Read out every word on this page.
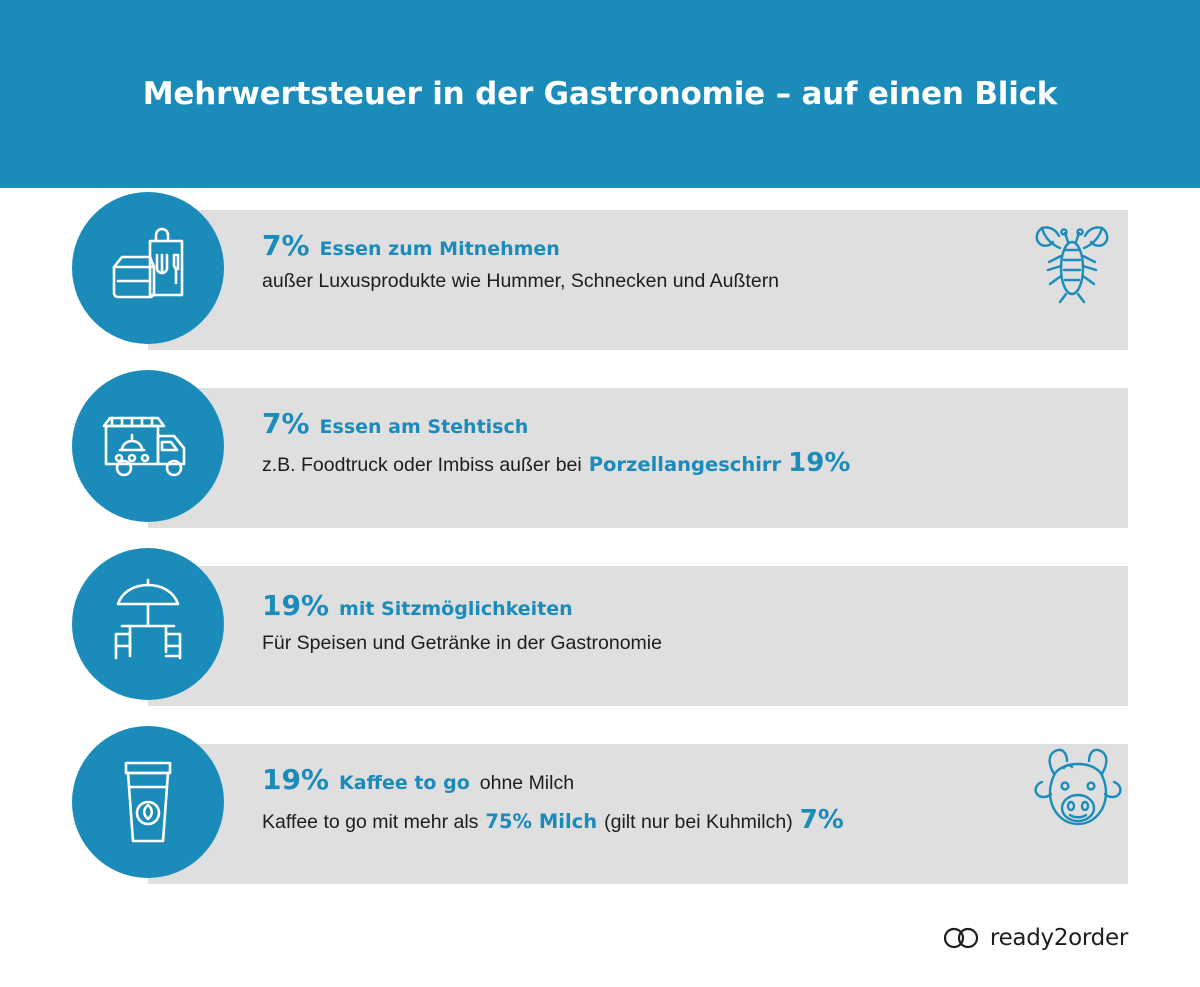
Mehrwertsteuer in der Gastronomie – auf einen Blick
7% Essen zum Mitnehmen
außer Luxusprodukte wie Hummer, Schnecken und Außtern
7% Essen am Stehtisch
z.B. Foodtruck oder Imbiss außer bei Porzellangeschirr 19%
19% mit Sitzmöglichkeiten
Für Speisen und Getränke in der Gastronomie
19% Kaffee to go ohne Milch
Kaffee to go mit mehr als 75% Milch (gilt nur bei Kuhmilch) 7%
ready2order
